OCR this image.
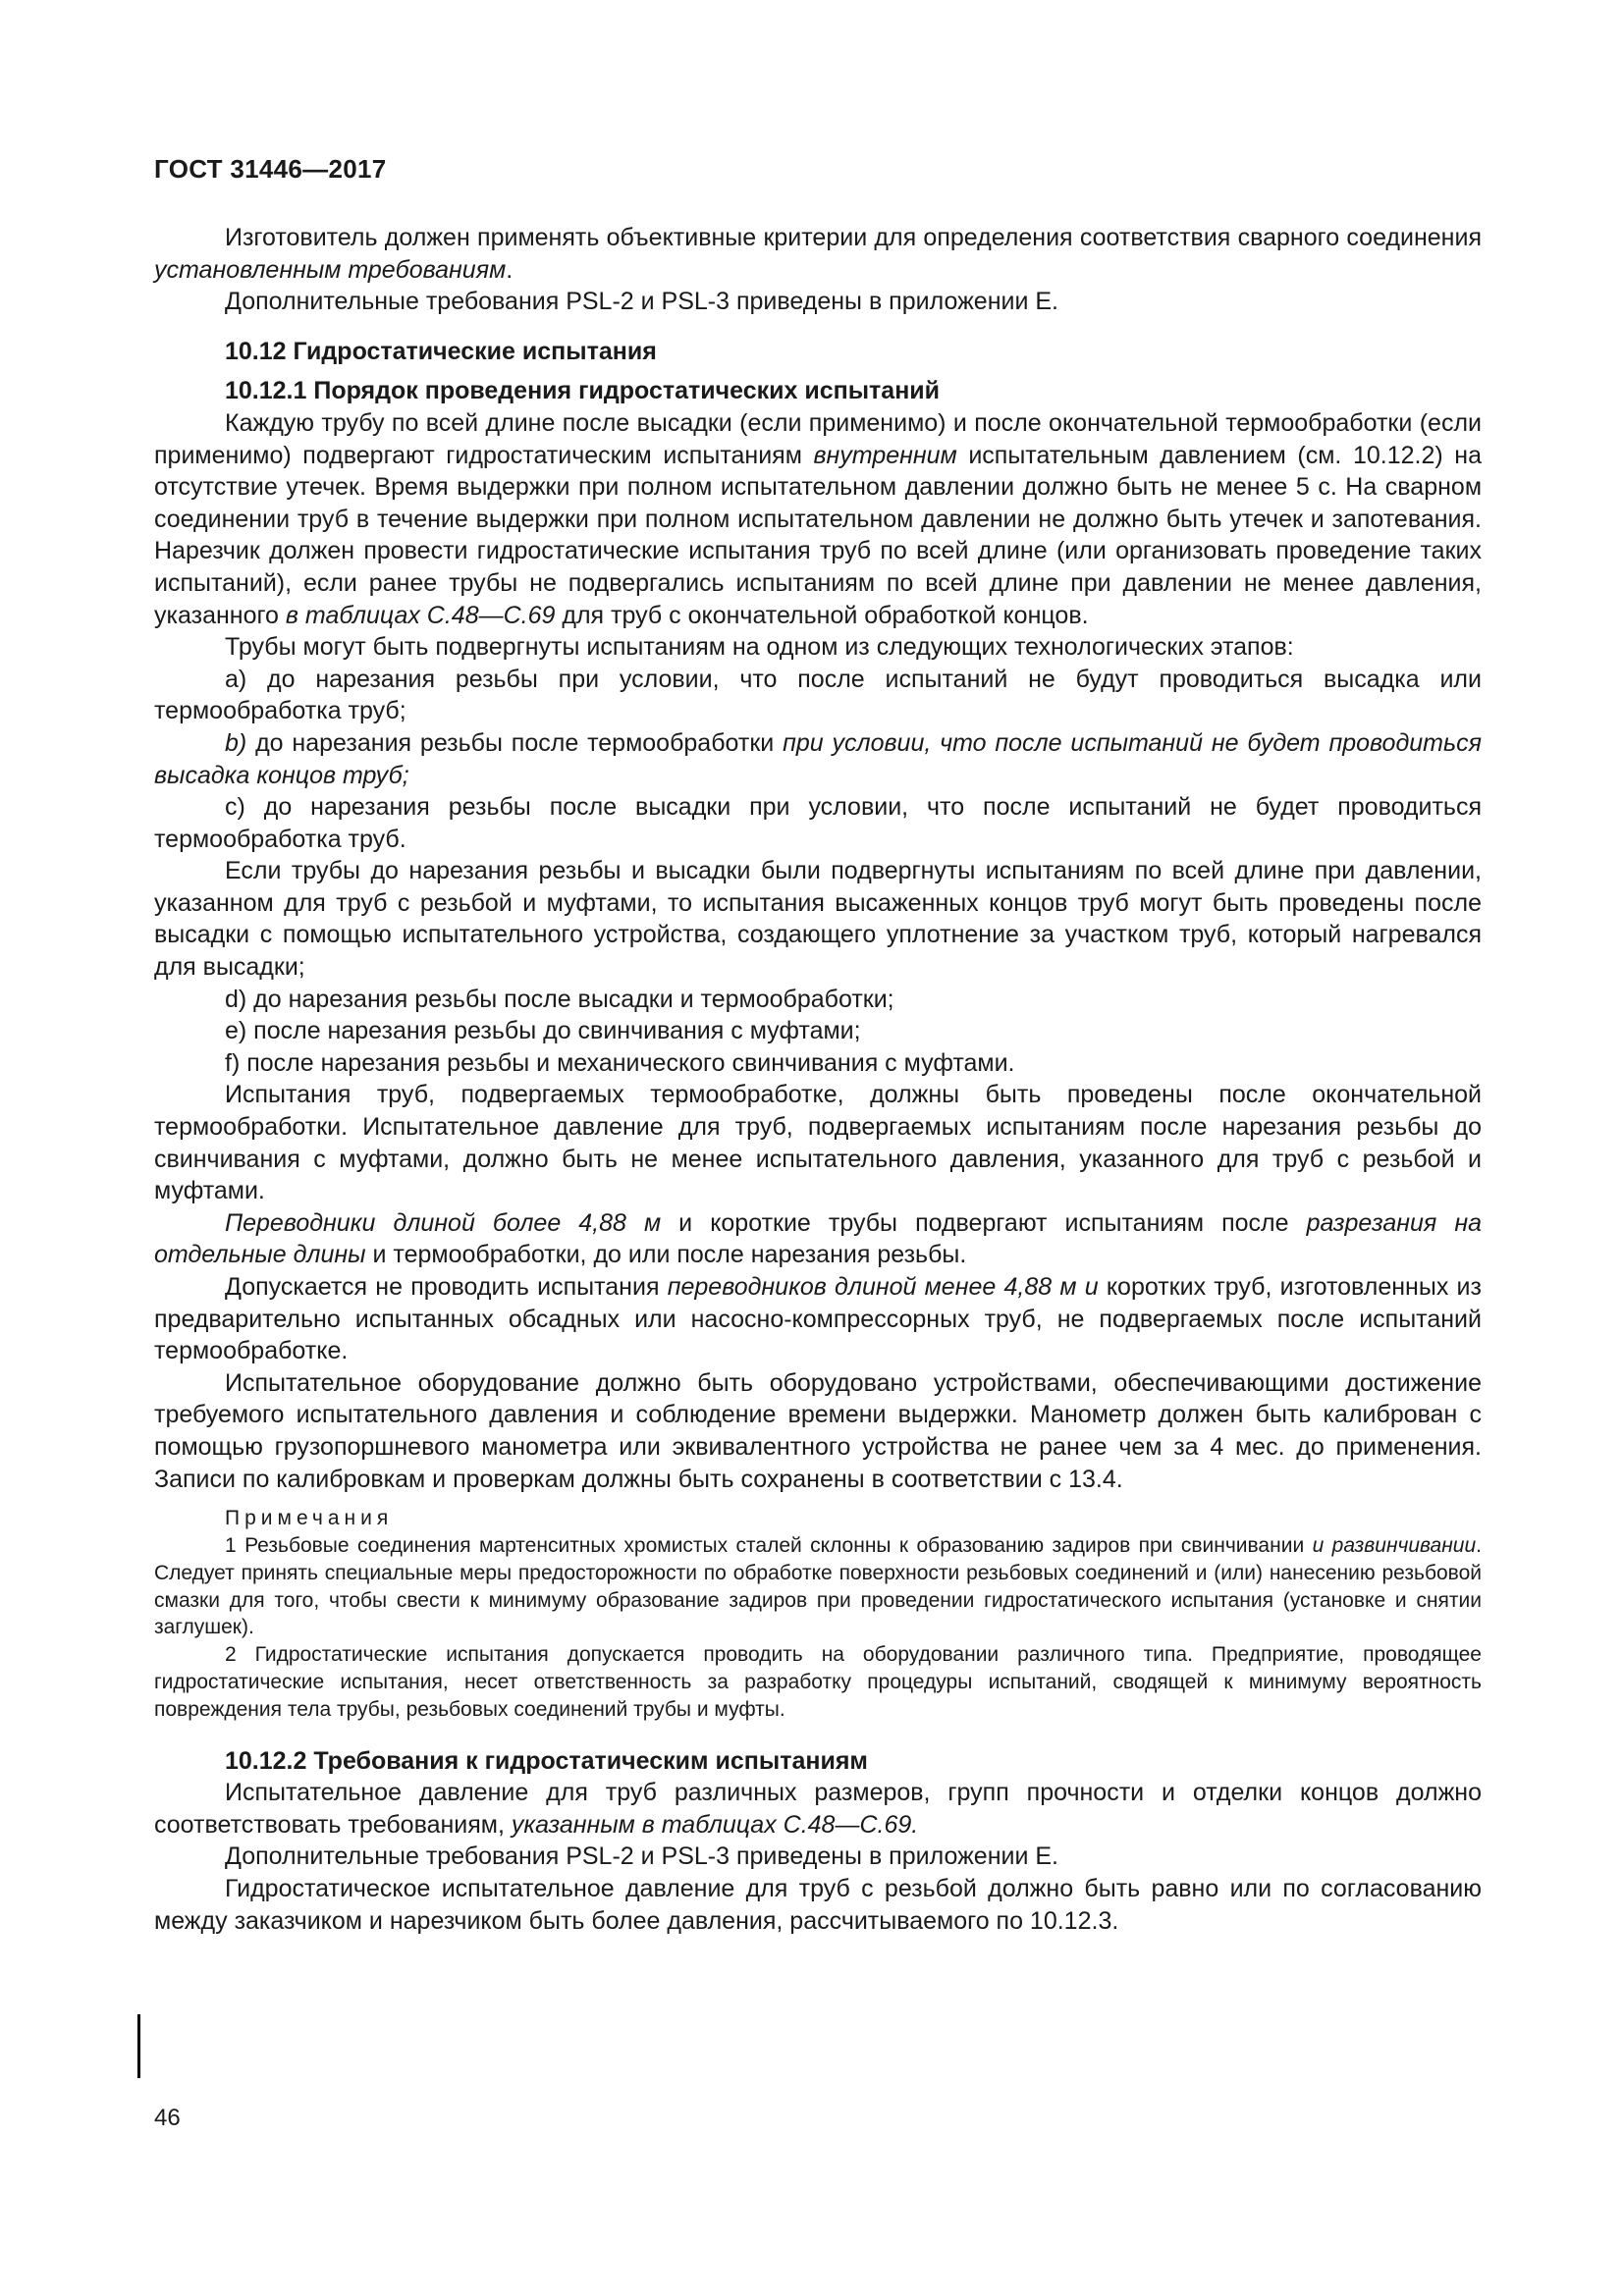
ГОСТ 31446—2017

Изготовитель должен применять объективные критерии для определения соответствия сварного соединения установленным требованиям.

Дополнительные требования PSL-2 и PSL-3 приведены в приложении Е.

10.12 Гидростатические испытания

10.12.1 Порядок проведения гидростатических испытаний

Каждую трубу по всей длине после высадки (если применимо) и после окончательной термообработки (если применимо) подвергают гидростатическим испытаниям внутренним испытательным давлением (см. 10.12.2) на отсутствие утечек. Время выдержки при полном испытательном давлении должно быть не менее 5 с. На сварном соединении труб в течение выдержки при полном испытательном давлении не должно быть утечек и запотевания. Нарезчик должен провести гидростатические испытания труб по всей длине (или организовать проведение таких испытаний), если ранее трубы не подвергались испытаниям по всей длине при давлении не менее давления, указанного в таблицах С.48—С.69 для труб с окончательной обработкой концов.

Трубы могут быть подвергнуты испытаниям на одном из следующих технологических этапов:

а) до нарезания резьбы при условии, что после испытаний не будут проводиться высадка или термообработка труб;

b) до нарезания резьбы после термообработки при условии, что после испытаний не будет проводиться высадка концов труб;

с) до нарезания резьбы после высадки при условии, что после испытаний не будет проводиться термообработка труб.

Если трубы до нарезания резьбы и высадки были подвергнуты испытаниям по всей длине при давлении, указанном для труб с резьбой и муфтами, то испытания высаженных концов труб могут быть проведены после высадки с помощью испытательного устройства, создающего уплотнение за участком труб, который нагревался для высадки;

d) до нарезания резьбы после высадки и термообработки;

е) после нарезания резьбы до свинчивания с муфтами;

f) после нарезания резьбы и механического свинчивания с муфтами.

Испытания труб, подвергаемых термообработке, должны быть проведены после окончательной термообработки. Испытательное давление для труб, подвергаемых испытаниям после нарезания резьбы до свинчивания с муфтами, должно быть не менее испытательного давления, указанного для труб с резьбой и муфтами.

Переводники длиной более 4,88 м и короткие трубы подвергают испытаниям после разрезания на отдельные длины и термообработки, до или после нарезания резьбы.

Допускается не проводить испытания переводников длиной менее 4,88 м и коротких труб, изготовленных из предварительно испытанных обсадных или насосно-компрессорных труб, не подвергаемых после испытаний термообработке.

Испытательное оборудование должно быть оборудовано устройствами, обеспечивающими достижение требуемого испытательного давления и соблюдение времени выдержки. Манометр должен быть калиброван с помощью грузопоршневого манометра или эквивалентного устройства не ранее чем за 4 мес. до применения. Записи по калибровкам и проверкам должны быть сохранены в соответствии с 13.4.

Примечания

1 Резьбовые соединения мартенситных хромистых сталей склонны к образованию задиров при свинчивании и развинчивании. Следует принять специальные меры предосторожности по обработке поверхности резьбовых соединений и (или) нанесению резьбовой смазки для того, чтобы свести к минимуму образование задиров при проведении гидростатического испытания (установке и снятии заглушек).

2 Гидростатические испытания допускается проводить на оборудовании различного типа. Предприятие, проводящее гидростатические испытания, несет ответственность за разработку процедуры испытаний, сводящей к минимуму вероятность повреждения тела трубы, резьбовых соединений трубы и муфты.

10.12.2 Требования к гидростатическим испытаниям

Испытательное давление для труб различных размеров, групп прочности и отделки концов должно соответствовать требованиям, указанным в таблицах С.48—С.69.

Дополнительные требования PSL-2 и PSL-3 приведены в приложении Е.

Гидростатическое испытательное давление для труб с резьбой должно быть равно или по согласованию между заказчиком и нарезчиком быть более давления, рассчитываемого по 10.12.3.

46
